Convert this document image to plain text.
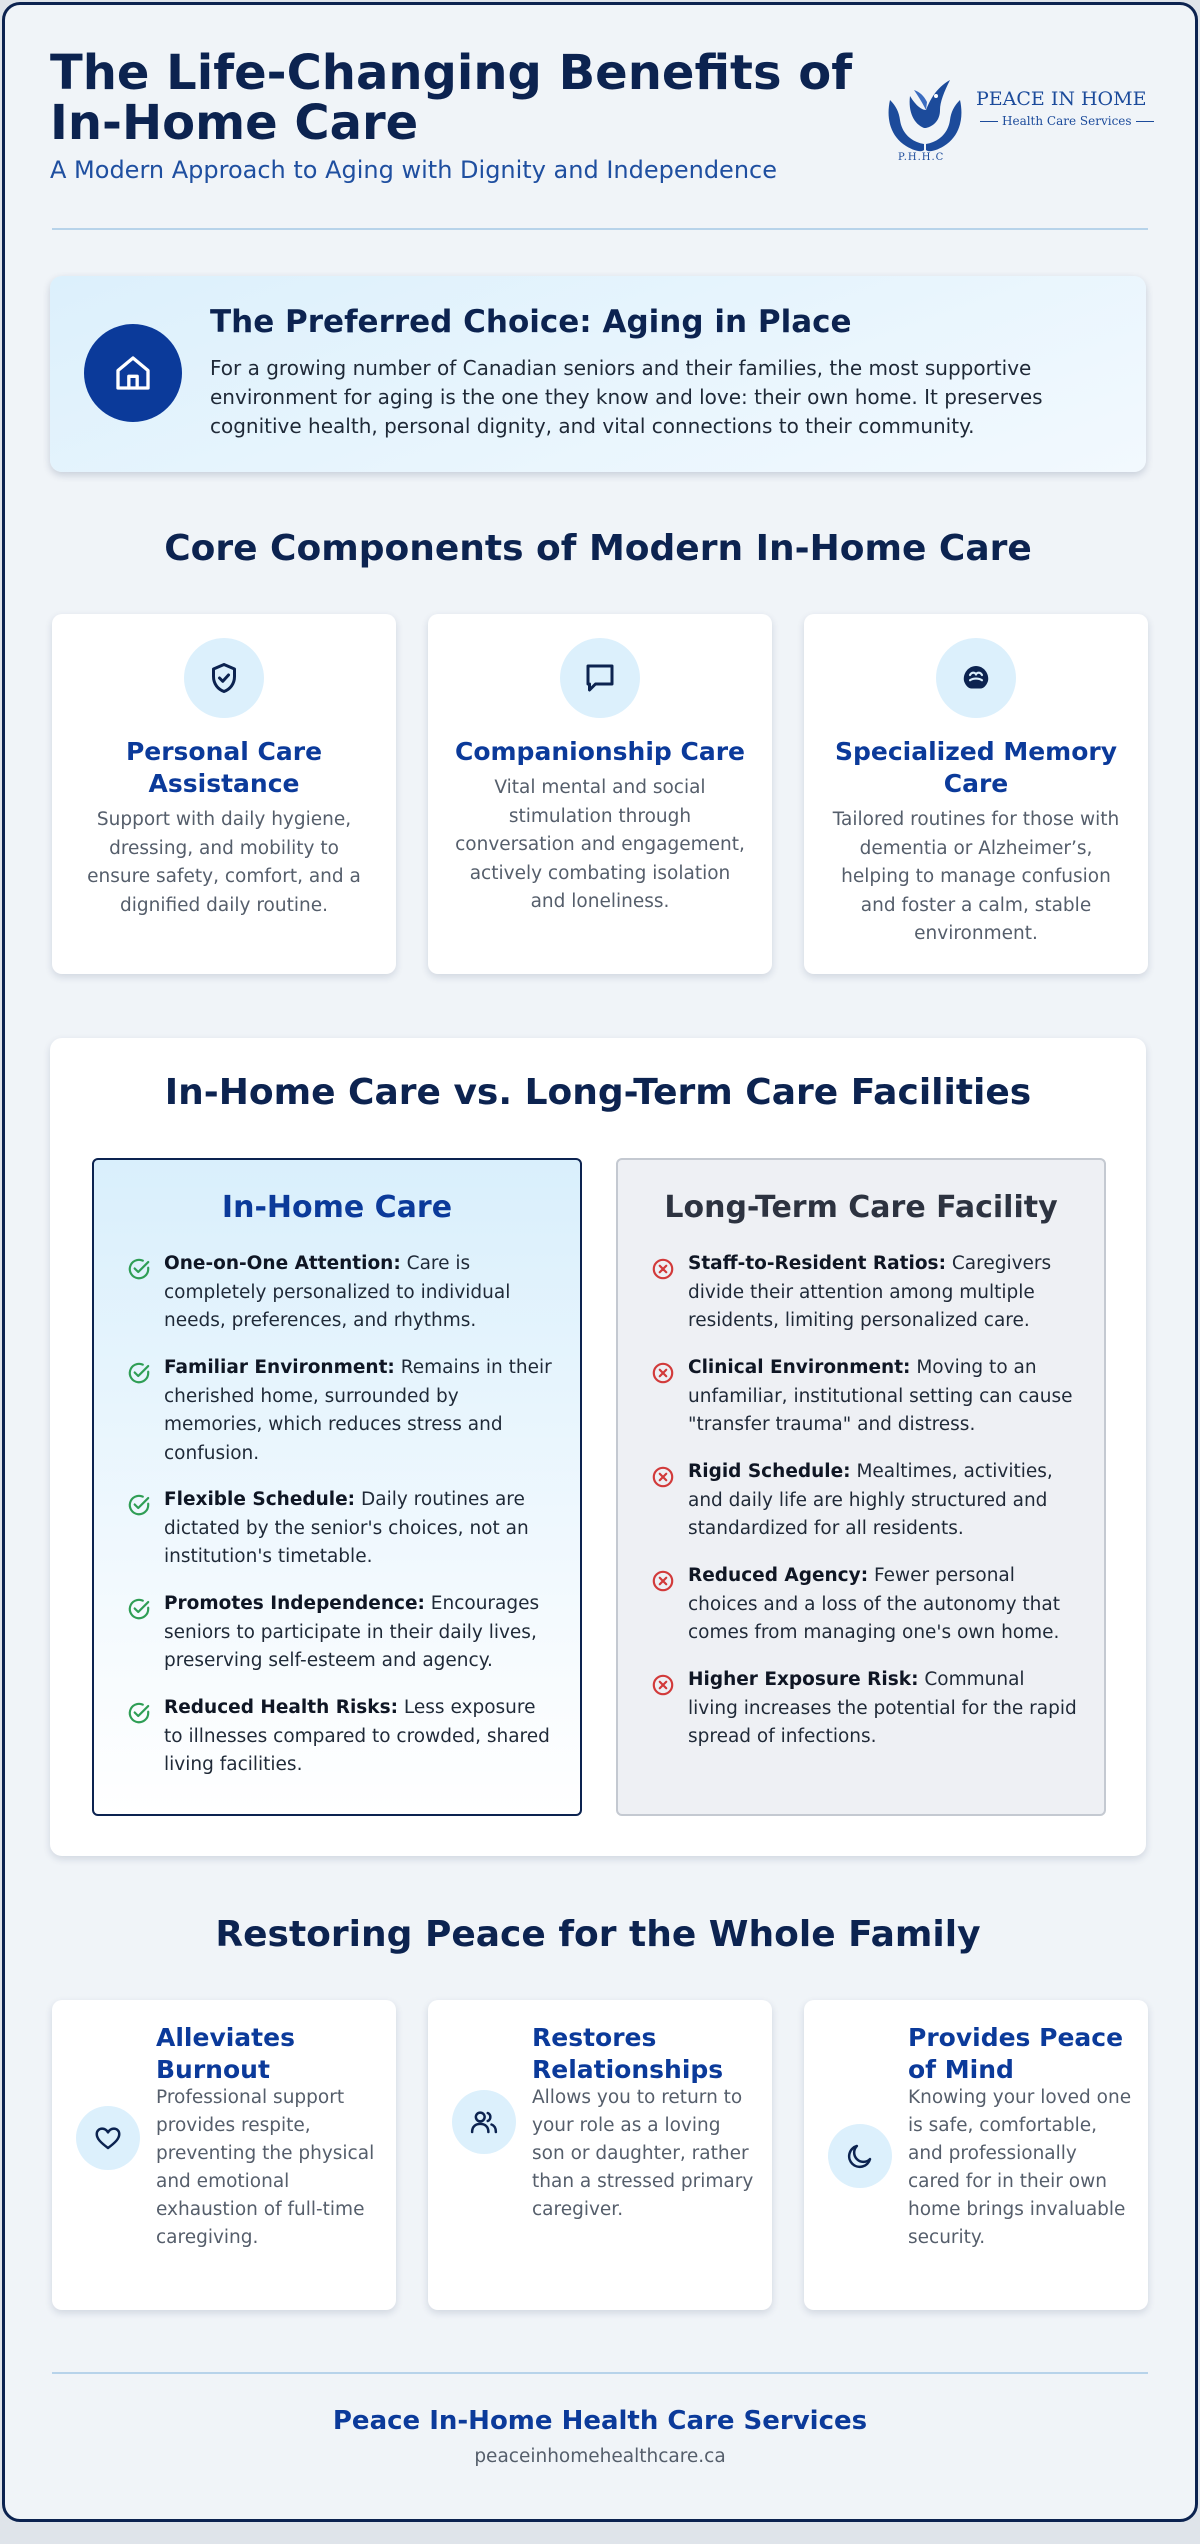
The Life-Changing Benefits of In-Home Care
A Modern Approach to Aging with Dignity and Independence
PEACE IN HOME
Health Care Services
P.H.H.C
The Preferred Choice: Aging in Place
For a growing number of Canadian seniors and their families, the most supportive environment for aging is the one they know and love: their own home. It preserves cognitive health, personal dignity, and vital connections to their community.
Core Components of Modern In-Home Care
Personal Care Assistance
Support with daily hygiene, dressing, and mobility to ensure safety, comfort, and a dignified daily routine.
Companionship Care
Vital mental and social stimulation through conversation and engagement, actively combating isolation and loneliness.
Specialized Memory Care
Tailored routines for those with dementia or Alzheimer’s, helping to manage confusion and foster a calm, stable environment.
In-Home Care vs. Long-Term Care Facilities
In-Home Care
One-on-One Attention: Care is completely personalized to individual needs, preferences, and rhythms.
Familiar Environment: Remains in their cherished home, surrounded by memories, which reduces stress and confusion.
Flexible Schedule: Daily routines are dictated by the senior's choices, not an institution's timetable.
Promotes Independence: Encourages seniors to participate in their daily lives, preserving self-esteem and agency.
Reduced Health Risks: Less exposure to illnesses compared to crowded, shared living facilities.
Long-Term Care Facility
Staff-to-Resident Ratios: Caregivers divide their attention among multiple residents, limiting personalized care.
Clinical Environment: Moving to an unfamiliar, institutional setting can cause "transfer trauma" and distress.
Rigid Schedule: Mealtimes, activities, and daily life are highly structured and standardized for all residents.
Reduced Agency: Fewer personal choices and a loss of the autonomy that comes from managing one's own home.
Higher Exposure Risk: Communal living increases the potential for the rapid spread of infections.
Restoring Peace for the Whole Family
Alleviates Burnout
Professional support provides respite, preventing the physical and emotional exhaustion of full-time caregiving.
Restores Relationships
Allows you to return to your role as a loving son or daughter, rather than a stressed primary caregiver.
Provides Peace of Mind
Knowing your loved one is safe, comfortable, and professionally cared for in their own home brings invaluable security.
Peace In-Home Health Care Services
peaceinhomehealthcare.ca
